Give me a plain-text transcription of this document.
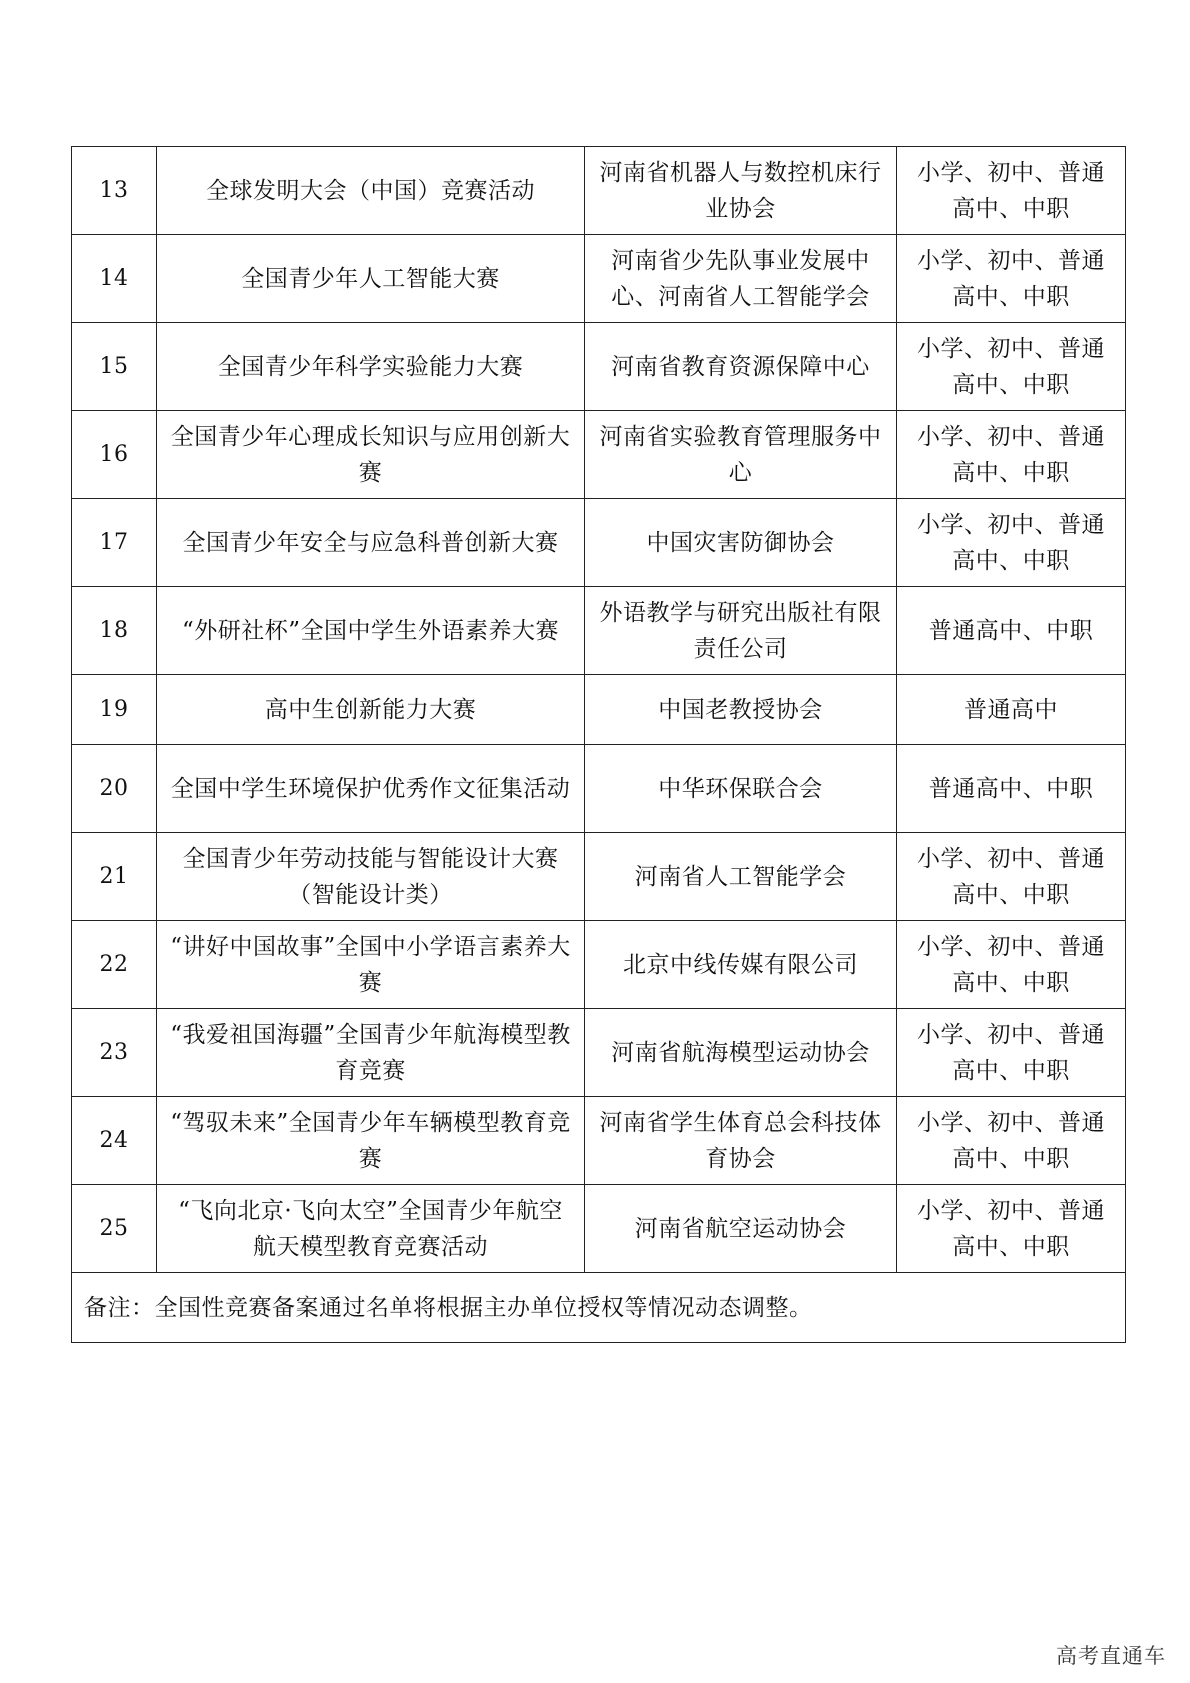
13	全球发明大会（中国）竞赛活动	河南省机器人与数控机床行业协会	小学、初中、普通高中、中职
14	全国青少年人工智能大赛	河南省少先队事业发展中心、河南省人工智能学会	小学、初中、普通高中、中职
15	全国青少年科学实验能力大赛	河南省教育资源保障中心	小学、初中、普通高中、中职
16	全国青少年心理成长知识与应用创新大赛	河南省实验教育管理服务中心	小学、初中、普通高中、中职
17	全国青少年安全与应急科普创新大赛	中国灾害防御协会	小学、初中、普通高中、中职
18	“外研社杯”全国中学生外语素养大赛	外语教学与研究出版社有限责任公司	普通高中、中职
19	高中生创新能力大赛	中国老教授协会	普通高中
20	全国中学生环境保护优秀作文征集活动	中华环保联合会	普通高中、中职
21	全国青少年劳动技能与智能设计大赛（智能设计类）	河南省人工智能学会	小学、初中、普通高中、中职
22	“讲好中国故事”全国中小学语言素养大赛	北京中线传媒有限公司	小学、初中、普通高中、中职
23	“我爱祖国海疆”全国青少年航海模型教育竞赛	河南省航海模型运动协会	小学、初中、普通高中、中职
24	“驾驭未来”全国青少年车辆模型教育竞赛	河南省学生体育总会科技体育协会	小学、初中、普通高中、中职
25	“飞向北京·飞向太空”全国青少年航空航天模型教育竞赛活动	河南省航空运动协会	小学、初中、普通高中、中职
备注：全国性竞赛备案通过名单将根据主办单位授权等情况动态调整。			
高考直通车
